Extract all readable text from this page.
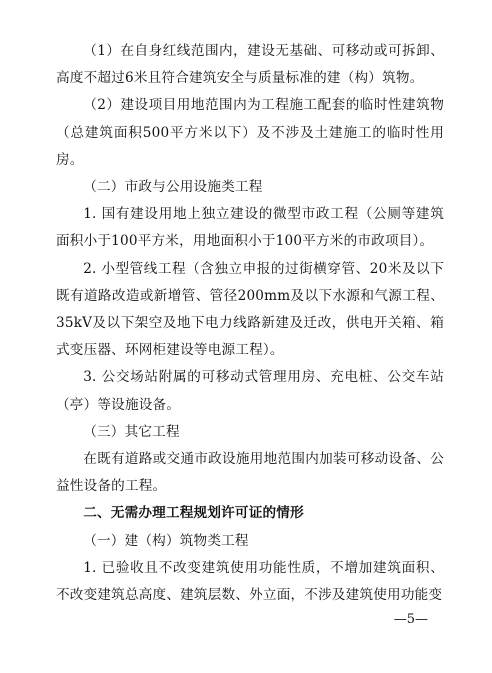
（1）在自身红线范围内，建设无基础、可移动或可拆卸、高度不超过6米且符合建筑安全与质量标准的建（构）筑物。

（2）建设项目用地范围内为工程施工配套的临时性建筑物（总建筑面积500平方米以下）及不涉及土建施工的临时性用房。

（二）市政与公用设施类工程

1. 国有建设用地上独立建设的微型市政工程（公厕等建筑面积小于100平方米，用地面积小于100平方米的市政项目）。

2. 小型管线工程（含独立申报的过街横穿管、20米及以下既有道路改造或新增管、管径200mm及以下水源和气源工程、35kV及以下架空及地下电力线路新建及迁改，供电开关箱、箱式变压器、环网柜建设等电源工程）。

3. 公交场站附属的可移动式管理用房、充电桩、公交车站（亭）等设施设备。

（三）其它工程

在既有道路或交通市政设施用地范围内加装可移动设备、公益性设备的工程。

二、无需办理工程规划许可证的情形

（一）建（构）筑物类工程

1. 已验收且不改变建筑使用功能性质，不增加建筑面积、不改变建筑总高度、建筑层数、外立面，不涉及建筑使用功能变

—5—
